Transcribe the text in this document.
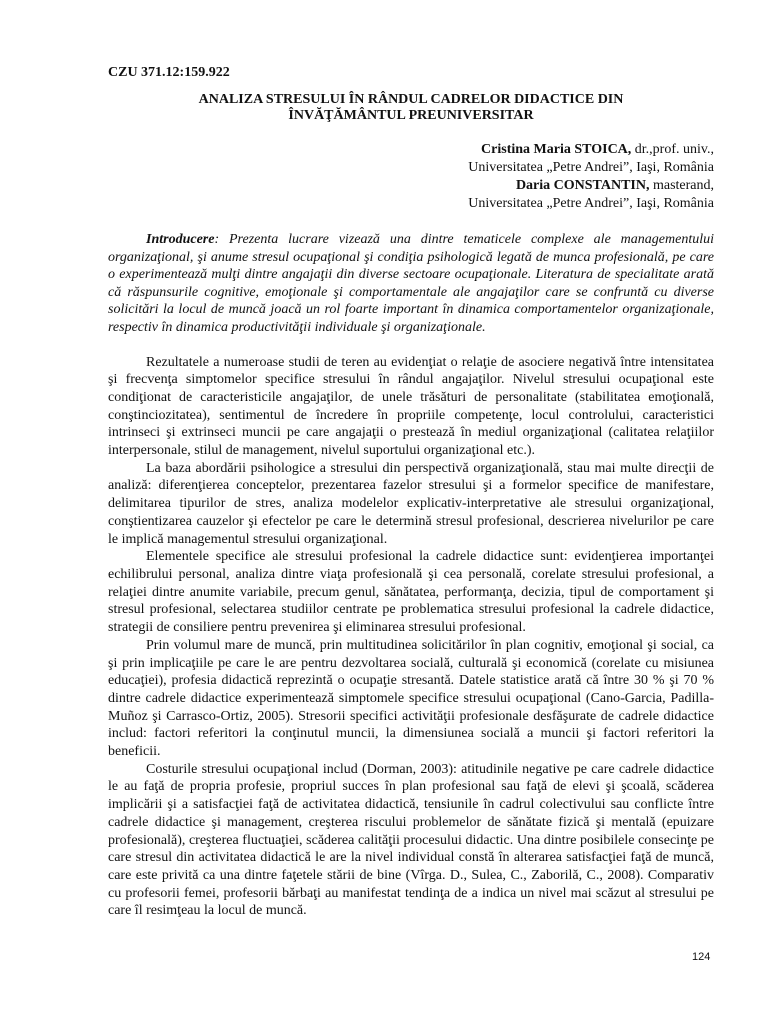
CZU 371.12:159.922
ANALIZA STRESULUI ÎN RÂNDUL CADRELOR DIDACTICE DIN
ÎNVĂŢĂMÂNTUL PREUNIVERSITAR
Cristina Maria STOICA, dr.,prof. univ.,
Universitatea „Petre Andrei”, Iaşi, România
Daria CONSTANTIN, masterand,
Universitatea „Petre Andrei”, Iaşi, România

Introducere: Prezenta lucrare vizează una dintre tematicele complexe ale managementului organizaţional, şi anume stresul ocupaţional şi condiţia psihologică legată de munca profesională, pe care o experimentează mulţi dintre angajaţii din diverse sectoare ocupaţionale. Literatura de specialitate arată că răspunsurile cognitive, emoţionale şi comportamentale ale angajaţilor care se confruntă cu diverse solicitări la locul de muncă joacă un rol foarte important în dinamica comportamentelor organizaţionale, respectiv în dinamica productivităţii individuale şi organizaţionale.

Rezultatele a numeroase studii de teren au evidenţiat o relaţie de asociere negativă între intensitatea şi frecvenţa simptomelor specifice stresului în rândul angajaţilor. Nivelul stresului ocupaţional este condiţionat de caracteristicile angajaţilor, de unele trăsături de personalitate (stabilitatea emoţională, conştinciozitatea), sentimentul de încredere în propriile competenţe, locul controlului, caracteristici intrinseci şi extrinseci muncii pe care angajaţii o prestează în mediul organizaţional (calitatea relaţiilor interpersonale, stilul de management, nivelul suportului organizaţional etc.).

La baza abordării psihologice a stresului din perspectivă organizaţională, stau mai multe direcţii de analiză: diferenţierea conceptelor, prezentarea fazelor stresului şi a formelor specifice de manifestare, delimitarea tipurilor de stres, analiza modelelor explicativ-interpretative ale stresului organizaţional, conştientizarea cauzelor şi efectelor pe care le determină stresul profesional, descrierea nivelurilor pe care le implică managementul stresului organizaţional.

Elementele specifice ale stresului profesional la cadrele didactice sunt: evidenţierea importanţei echilibrului personal, analiza dintre viaţa profesională şi cea personală, corelate stresului profesional, a relaţiei dintre anumite variabile, precum genul, sănătatea, performanţa, decizia, tipul de comportament şi stresul profesional, selectarea studiilor centrate pe problematica stresului profesional la cadrele didactice, strategii de consiliere pentru prevenirea şi eliminarea stresului profesional.

Prin volumul mare de muncă, prin multitudinea solicitărilor în plan cognitiv, emoţional şi social, ca şi prin implicaţiile pe care le are pentru dezvoltarea socială, culturală şi economică (corelate cu misiunea educaţiei), profesia didactică reprezintă o ocupaţie stresantă. Datele statistice arată că între 30 % şi 70 % dintre cadrele didactice experimentează simptomele specifice stresului ocupaţional (Cano-Garcia, Padilla-Muñoz şi Carrasco-Ortiz, 2005). Stresorii specifici activităţii profesionale desfăşurate de cadrele didactice includ: factori referitori la conţinutul muncii, la dimensiunea socială a muncii şi factori referitori la beneficii.

Costurile stresului ocupaţional includ (Dorman, 2003): atitudinile negative pe care cadrele didactice le au faţă de propria profesie, propriul succes în plan profesional sau faţă de elevi şi şcoală, scăderea implicării şi a satisfacţiei faţă de activitatea didactică, tensiunile în cadrul colectivului sau conflicte între cadrele didactice şi management, creşterea riscului problemelor de sănătate fizică şi mentală (epuizare profesională), creşterea fluctuaţiei, scăderea calităţii procesului didactic. Una dintre posibilele consecinţe pe care stresul din activitatea didactică le are la nivel individual constă în alterarea satisfacţiei faţă de muncă, care este privită ca una dintre faţetele stării de bine (Vîrga. D., Sulea, C., Zaborilă, C., 2008). Comparativ cu profesorii femei, profesorii bărbaţi au manifestat tendinţa de a indica un nivel mai scăzut al stresului pe care îl resimţeau la locul de muncă.

124
